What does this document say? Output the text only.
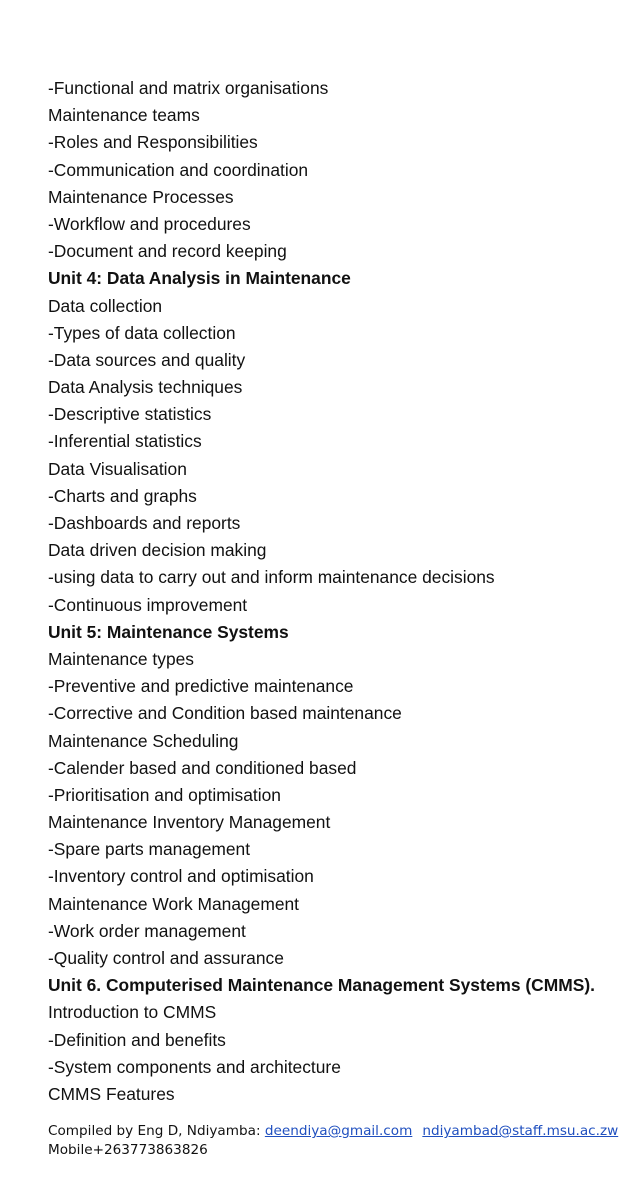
-Functional and matrix organisations
Maintenance teams
-Roles and Responsibilities
-Communication and coordination
Maintenance Processes
-Workflow and procedures
-Document and record keeping
Unit 4: Data Analysis in Maintenance
Data collection
-Types of data collection
-Data sources and quality
Data Analysis techniques
-Descriptive statistics
-Inferential statistics
Data Visualisation
-Charts and graphs
-Dashboards and reports
Data driven decision making
-using data to carry out and inform maintenance decisions
-Continuous improvement
Unit 5: Maintenance Systems
Maintenance types
-Preventive and predictive maintenance
-Corrective and Condition based maintenance
Maintenance Scheduling
-Calender based and conditioned based
-Prioritisation and optimisation
Maintenance Inventory Management
-Spare parts management
-Inventory control and optimisation
Maintenance Work Management
-Work order management
-Quality control and assurance
Unit 6. Computerised Maintenance Management Systems (CMMS).
Introduction to CMMS
-Definition and benefits
-System components and architecture
CMMS Features
Compiled by Eng D, Ndiyamba: deendiya@gmail.com ndiyambad@staff.msu.ac.zw
Mobile+263773863826
